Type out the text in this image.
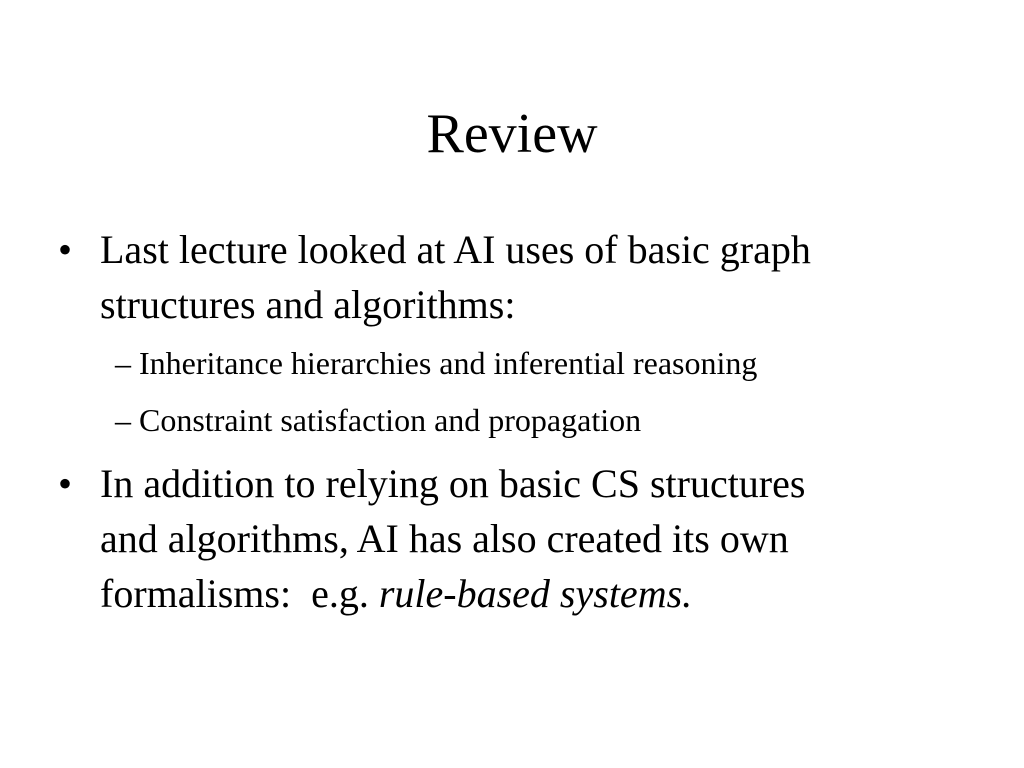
Review
• Last lecture looked at AI uses of basic graph structures and algorithms:
– Inheritance hierarchies and inferential reasoning
– Constraint satisfaction and propagation
• In addition to relying on basic CS structures
and algorithms, AI has also created its own
formalisms:  e.g. rule-based systems.
